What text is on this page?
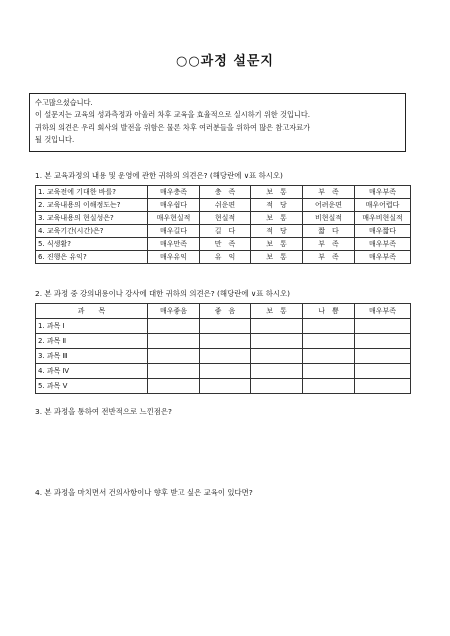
○○과정 설문지

수고많으셨습니다.

이 설문지는 교육의 성과측정과 아울러 차후 교육을 효율적으로 실시하기 위한 것입니다.

귀하의 의견은 우리 회사의 발전을 위함은 물론 차후 여러분들을 위하여 많은 참고자료가

될 것입니다.

1. 본 교육과정의 내용 및 운영에 관한 귀하의 의견은? (해당란에 ∨표 하시오)
1. 교육전에 기대한 바를?	매우충족	충　족	보　통	부　족	매우부족
2. 교육내용의 이해정도는?	매우쉽다	쉬운편	적　당	어려운편	매우어렵다
3. 교육내용의 현실성은?	매우현실적	현실적	보　통	비현실적	매우비현실적
4. 교육기간(시간)은?	매우길다	길　다	적　당	짧　다	매우짧다
5. 식생활?	매우만족	만　족	보　통	부　족	매우부족
6. 진행은 유익?	매우유익	유　익	보　통	부　족	매우부족
2. 본 과정 중 강의내용이나 강사에 대한 귀하의 의견은? (해당란에 ∨표 하시오)
과　　목	매우좋음	좋　음	보　통	나　쁨	매우부족
1. 과목 Ⅰ					
2. 과목 Ⅱ					
3. 과목 Ⅲ					
4. 과목 Ⅳ					
5. 과목 Ⅴ					
3. 본 과정을 통하여 전반적으로 느낀점은?
4. 본 과정을 마치면서 건의사항이나 향후 받고 싶은 교육이 있다면?
